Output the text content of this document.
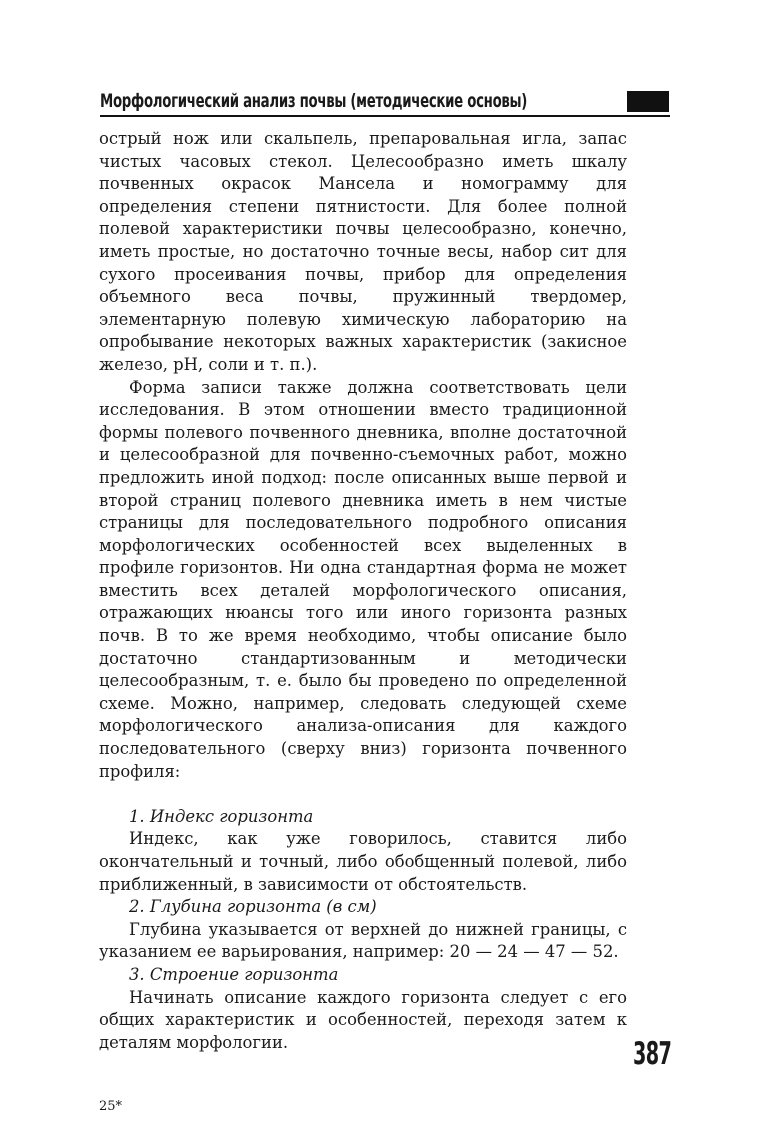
Морфологический анализ почвы (методические основы)

острый нож или скальпель, препаровальная игла, запас чистых часовых стекол. Целесообразно иметь шкалу почвенных окрасок Мансела и номограмму для определения степени пятнистости. Для более полной полевой характеристики почвы целесообразно, конечно, иметь простые, но достаточно точные весы, набор сит для сухого просеивания почвы, прибор для определения объемного веса почвы, пружинный твердомер, элементарную полевую химическую лабораторию на опробывание некоторых важных характеристик (закисное железо, pH, соли и т. п.).

Форма записи также должна соответствовать цели исследования. В этом отношении вместо традиционной формы полевого почвенного дневника, вполне достаточной и целесообразной для почвенно-съемочных работ, можно предложить иной подход: после описанных выше первой и второй страниц полевого дневника иметь в нем чистые страницы для последовательного подробного описания морфологических особенностей всех выделенных в профиле горизонтов. Ни одна стандартная форма не может вместить всех деталей морфологического описания, отражающих нюансы того или иного горизонта разных почв. В то же время необходимо, чтобы описание было достаточно стандартизованным и методически целесообразным, т. е. было бы проведено по определенной схеме. Можно, например, следовать следующей схеме морфологического анализа-описания для каждого последовательного (сверху вниз) горизонта почвенного профиля:

1. Индекс горизонта

Индекс, как уже говорилось, ставится либо окончательный и точный, либо обобщенный полевой, либо приближенный, в зависимости от обстоятельств.

2. Глубина горизонта (в см)

Глубина указывается от верхней до нижней границы, с указанием ее варьирования, например: 20 — 24 — 47 — 52.

3. Строение горизонта

Начинать описание каждого горизонта следует с его общих характеристик и особенностей, переходя затем к деталям морфологии.	387
25*
